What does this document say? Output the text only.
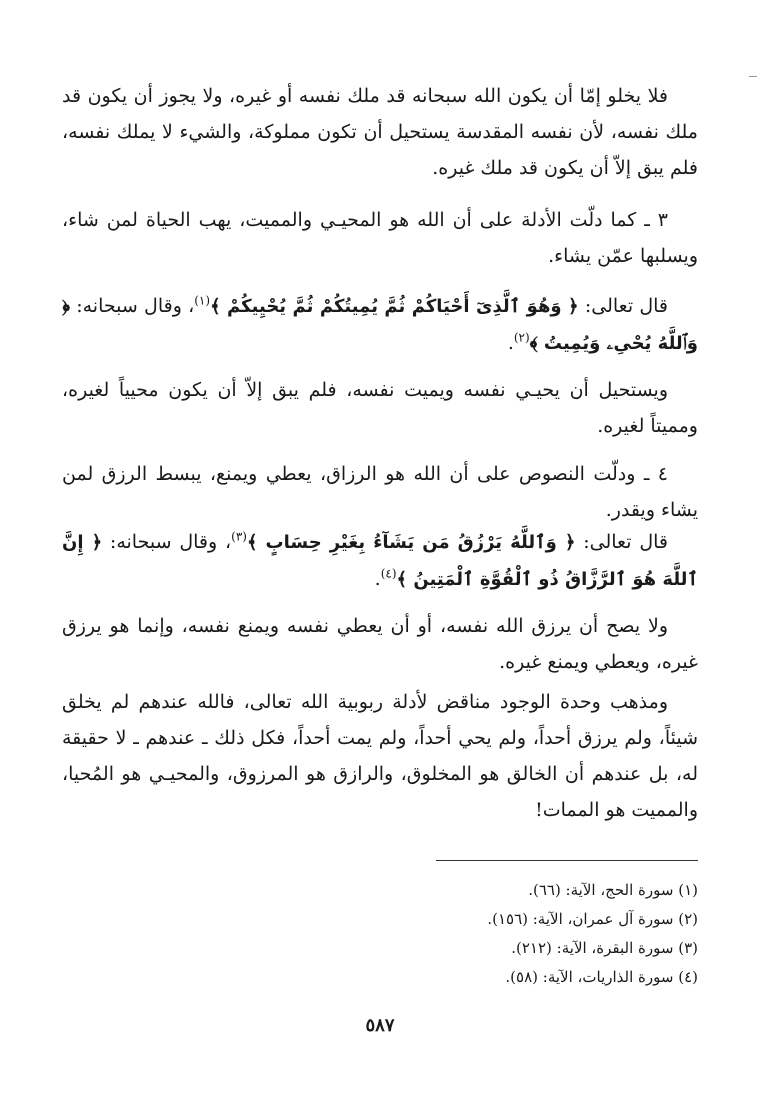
فلا يخلو إمّا أن يكون الله سبحانه قد ملك نفسه أو غيره، ولا يجوز أن يكون قد ملك نفسه، لأن نفسه المقدسة يستحيل أن تكون مملوكة، والشيء لا يملك نفسه، فلم يبق إلاّ أن يكون قد ملك غيره.

٣ ـ كما دلّت الأدلة على أن الله هو المحيـي والمميت، يهب الحياة لمن شاء، ويسلبها عمّن يشاء.

قال تعالى: ﴿ وَهُوَ ٱلَّذِىٓ أَحْيَاكُمْ ثُمَّ يُمِيتُكُمْ ثُمَّ يُحْيِيكُمْ ﴾$^{(١)}$، وقال سبحانه: ﴿ وَٱللَّهُ يُحْىِۦ وَيُمِيتُ ﴾$^{(٢)}$.

ويستحيل أن يحيـي نفسه ويميت نفسه، فلم يبق إلاّ أن يكون محيياً لغيره، ومميتاً لغيره.

٤ ـ ودلّت النصوص على أن الله هو الرزاق، يعطي ويمنع، يبسط الرزق لمن يشاء ويقدر.

قال تعالى: ﴿ وَٱللَّهُ يَرْزُقُ مَن يَشَآءُ بِغَيْرِ حِسَابٍ ﴾$^{(٣)}$، وقال سبحانه: ﴿ إِنَّ ٱللَّهَ هُوَ ٱلرَّزَّاقُ ذُو ٱلْقُوَّةِ ٱلْمَتِينُ ﴾$^{(٤)}$.

ولا يصح أن يرزق الله نفسه، أو أن يعطي نفسه ويمنع نفسه، وإنما هو يرزق غيره، ويعطي ويمنع غيره.

ومذهب وحدة الوجود مناقض لأدلة ربوبية الله تعالى، فالله عندهم لم يخلق شيئاً، ولم يرزق أحداً، ولم يحي أحداً، ولم يمت أحداً، فكل ذلك ـ عندهم ـ لا حقيقة له، بل عندهم أن الخالق هو المخلوق، والرازق هو المرزوق، والمحيـي هو المُحيا، والمميت هو الممات!

(١) سورة الحج، الآية: (٦٦).
(٢) سورة آل عمران، الآية: (١٥٦).
(٣) سورة البقرة، الآية: (٢١٢).
(٤) سورة الذاريات، الآية: (٥٨).
٥٨٧
